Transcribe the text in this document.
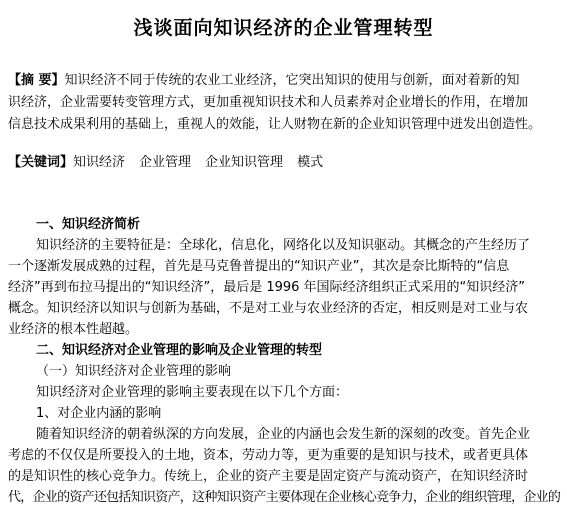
浅谈面向知识经济的企业管理转型
【摘 要】知识经济不同于传统的农业工业经济，它突出知识的使用与创新，面对着新的知
识经济，企业需要转变管理方式，更加重视知识技术和人员素养对企业增长的作用，在增加
信息技术成果利用的基础上，重视人的效能，让人财物在新的企业知识管理中迸发出创造性。
【关键词】知识经济 企业管理 企业知识管理 模式
一、知识经济简析
知识经济的主要特征是：全球化，信息化，网络化以及知识驱动。其概念的产生经历了
一个逐渐发展成熟的过程，首先是马克鲁普提出的“知识产业”，其次是奈比斯特的“信息
经济”再到布拉马提出的“知识经济”，最后是 1996 年国际经济组织正式采用的“知识经济”
概念。知识经济以知识与创新为基础，不是对工业与农业经济的否定，相反则是对工业与农
业经济的根本性超越。
二、知识经济对企业管理的影响及企业管理的转型
（一）知识经济对企业管理的影响
知识经济对企业管理的影响主要表现在以下几个方面：
1、对企业内涵的影响
随着知识经济的朝着纵深的方向发展，企业的内涵也会发生新的深刻的改变。首先企业
考虑的不仅仅是所要投入的土地，资本，劳动力等，更为重要的是知识与技术，或者更具体
的是知识性的核心竞争力。传统上，企业的资产主要是固定资产与流动资产，在知识经济时
代，企业的资产还包括知识资产，这种知识资产主要体现在企业核心竞争力，企业的组织管理，企业的
